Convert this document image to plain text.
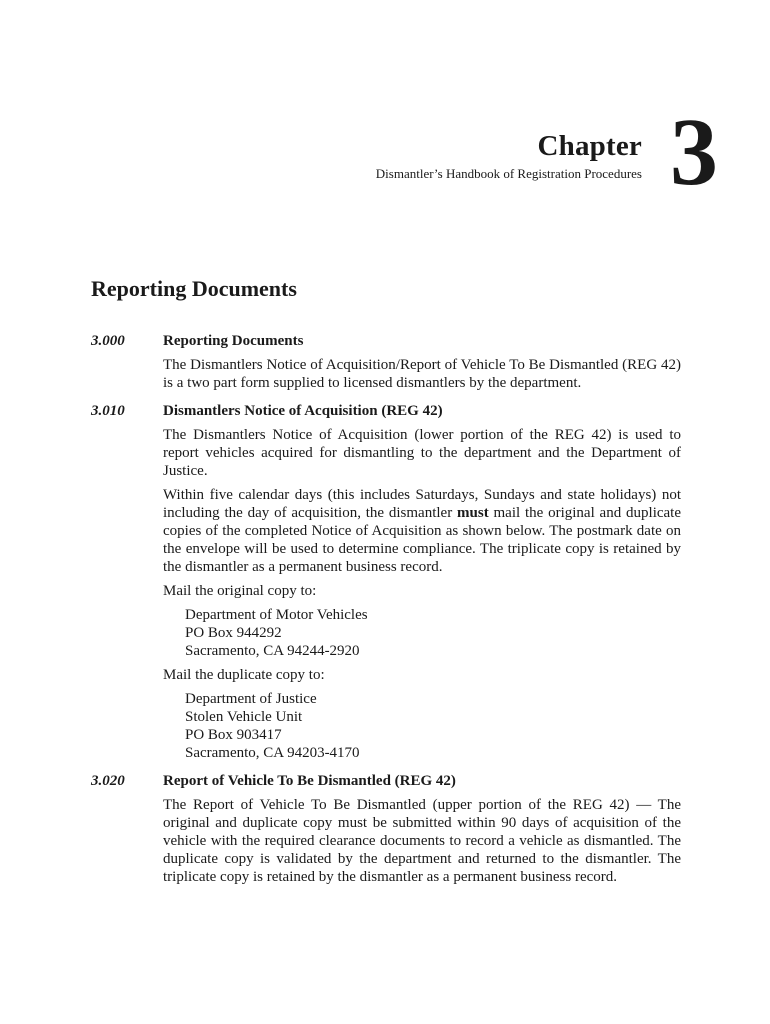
Chapter
Dismantler’s Handbook of Registration Procedures 3
Reporting Documents
3.000	Reporting Documents

The Dismantlers Notice of Acquisition/Report of Vehicle To Be Dismantled (REG 42) is a two part form supplied to licensed dismantlers by the department.

3.010	Dismantlers Notice of Acquisition (REG 42)

The Dismantlers Notice of Acquisition (lower portion of the REG 42) is used to report vehicles acquired for dismantling to the department and the Department of Justice.

Within five calendar days (this includes Saturdays, Sundays and state holidays) not including the day of acquisition, the dismantler must mail the original and duplicate copies of the completed Notice of Acquisition as shown below. The postmark date on the envelope will be used to determine compliance. The triplicate copy is retained by the dismantler as a permanent business record.

Mail the original copy to:

Department of Motor Vehicles
PO Box 944292
Sacramento, CA 94244-2920

Mail the duplicate copy to:

Department of Justice
Stolen Vehicle Unit
PO Box 903417
Sacramento, CA 94203-4170
3.020	Report of Vehicle To Be Dismantled (REG 42)

The Report of Vehicle To Be Dismantled (upper portion of the REG 42) — The original and duplicate copy must be submitted within 90 days of acquisition of the vehicle with the required clearance documents to record a vehicle as dismantled. The duplicate copy is validated by the department and returned to the dismantler. The triplicate copy is retained by the dismantler as a permanent business record.
